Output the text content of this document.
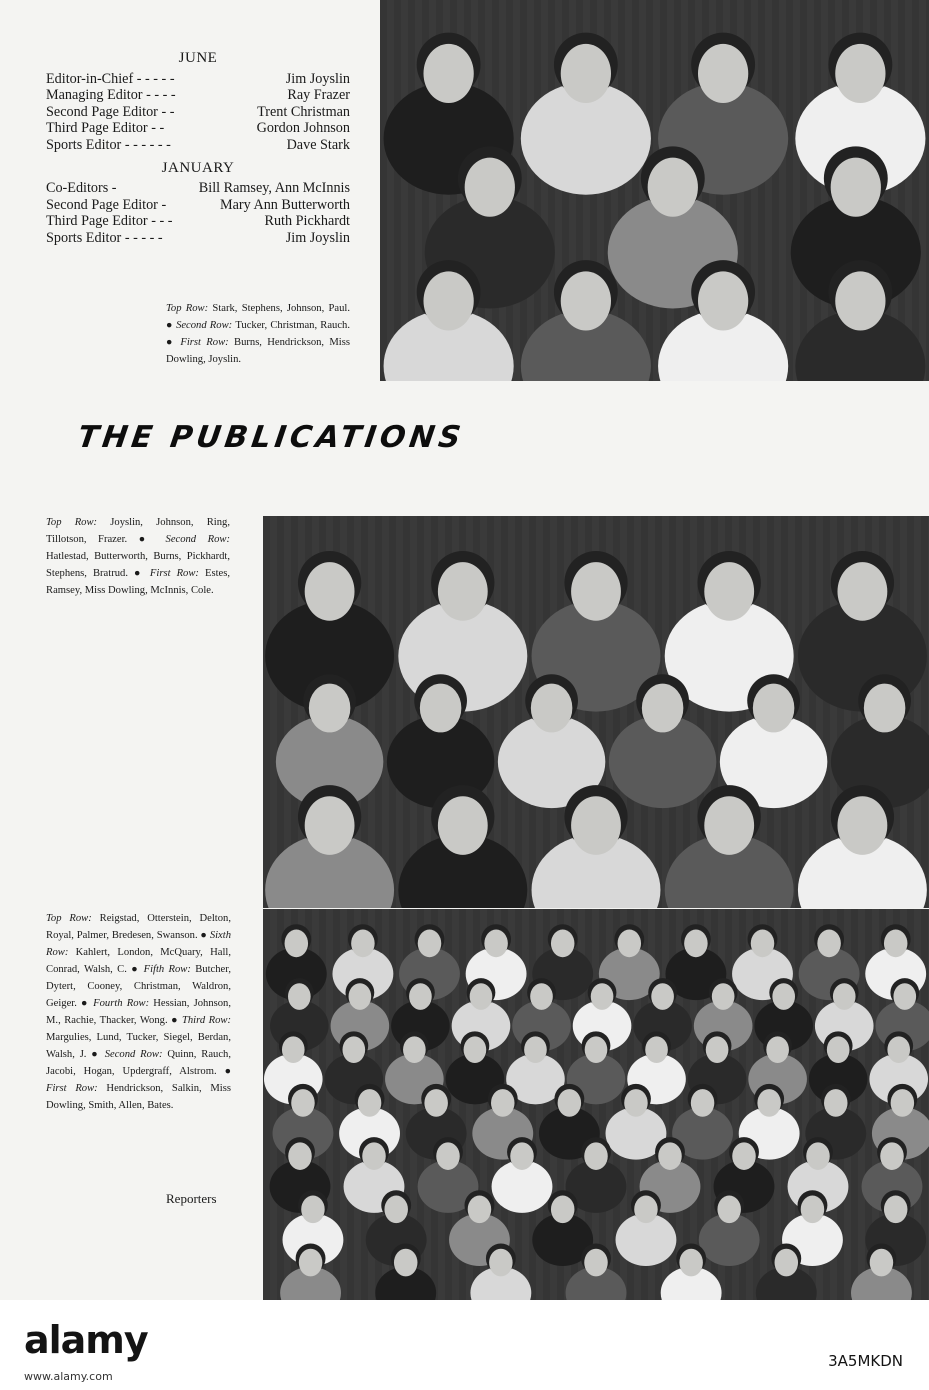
JUNE
Editor-in-Chief - - - - -	Jim Joyslin
Managing Editor - - - -	Ray Frazer
Second Page Editor - -	Trent Christman
Third Page Editor - -	Gordon Johnson
Sports Editor - - - - - -	Dave Stark
JANUARY
Co-Editors -	Bill Ramsey, Ann McInnis
Second Page Editor -	Mary Ann Butterworth
Third Page Editor - - -	Ruth Pickhardt
Sports Editor - - - - -	Jim Joyslin
Top Row: Stark, Stephens, Johnson, Paul. ● Second Row: Tucker, Christman, Rauch. ● First Row: Burns, Hendrickson, Miss Dowling, Joyslin.
THE PUBLICATIONS
Top Row: Joyslin, Johnson, Ring, Tillotson, Frazer. ● Second Row: Hatlestad, Butterworth, Burns, Pickhardt, Stephens, Bratrud. ● First Row: Estes, Ramsey, Miss Dowling, McInnis, Cole.
Top Row: Reigstad, Otterstein, Delton, Royal, Palmer, Bredesen, Swanson. ● Sixth Row: Kahlert, London, McQuary, Hall, Conrad, Walsh, C. ● Fifth Row: Butcher, Dytert, Cooney, Christman, Waldron, Geiger. ● Fourth Row: Hessian, Johnson, M., Rachie, Thacker, Wong. ● Third Row: Margulies, Lund, Tucker, Siegel, Berdan, Walsh, J. ● Second Row: Quinn, Rauch, Jacobi, Hogan, Updergraff, Alstrom. ● First Row: Hendrickson, Salkin, Miss Dowling, Smith, Allen, Bates.
Reporters
alamy
www.alamy.com
3A5MKDN
